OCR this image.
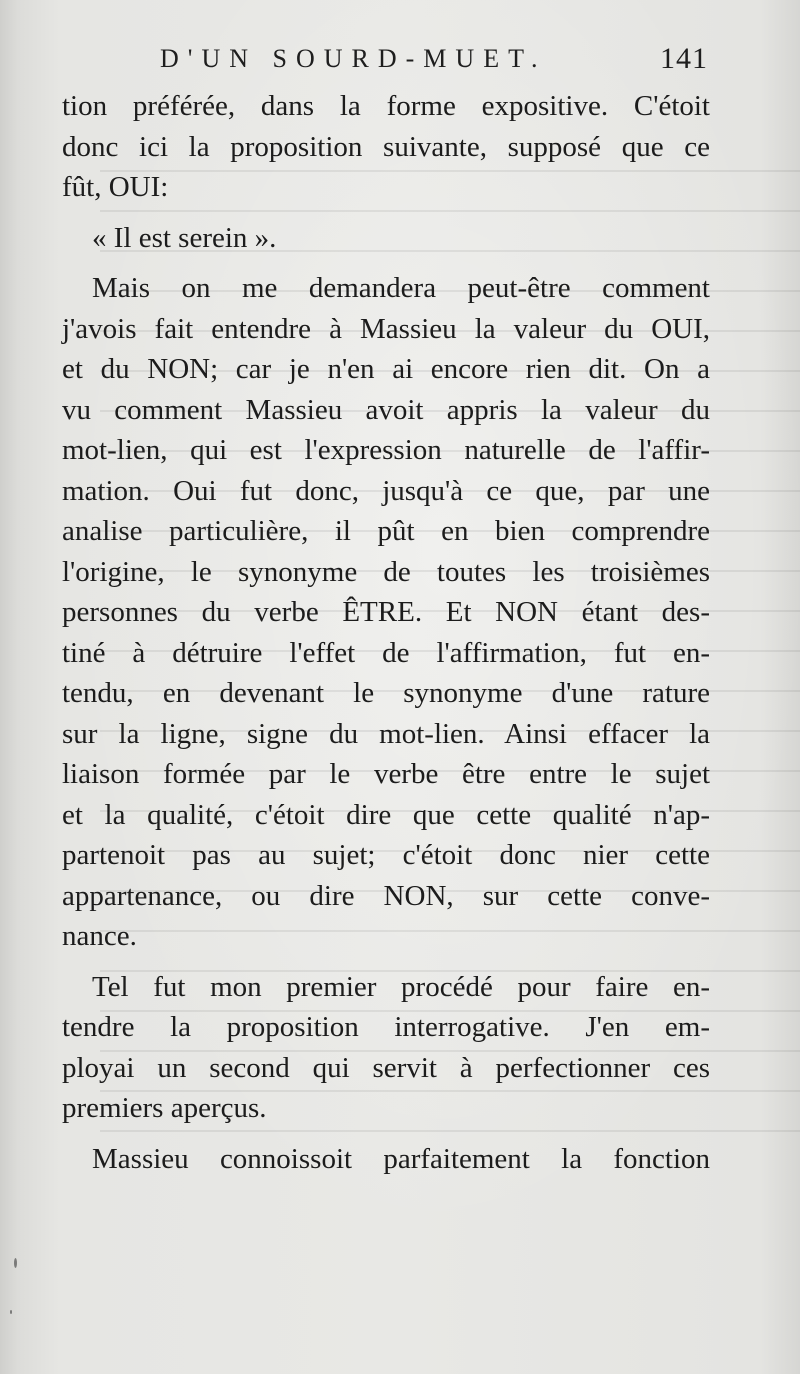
D'UN SOURD-MUET.	141
tion préférée, dans la forme expositive. C'étoit
donc ici la proposition suivante, supposé que ce
fût, OUI:
« Il est serein ».
Mais on me demandera peut-être comment
j'avois fait entendre à Massieu la valeur du OUI,
et du NON; car je n'en ai encore rien dit. On a
vu comment Massieu avoit appris la valeur du
mot-lien, qui est l'expression naturelle de l'affir-
mation. Oui fut donc, jusqu'à ce que, par une
analise particulière, il pût en bien comprendre
l'origine, le synonyme de toutes les troisièmes
personnes du verbe ÊTRE. Et NON étant des-
tiné à détruire l'effet de l'affirmation, fut en-
tendu, en devenant le synonyme d'une rature
sur la ligne, signe du mot-lien. Ainsi effacer la
liaison formée par le verbe être entre le sujet
et la qualité, c'étoit dire que cette qualité n'ap-
partenoit pas au sujet; c'étoit donc nier cette
appartenance, ou dire NON, sur cette conve-
nance.
Tel fut mon premier procédé pour faire en-
tendre la proposition interrogative. J'en em-
ployai un second qui servit à perfectionner ces
premiers aperçus.
Massieu connoissoit parfaitement la fonction
